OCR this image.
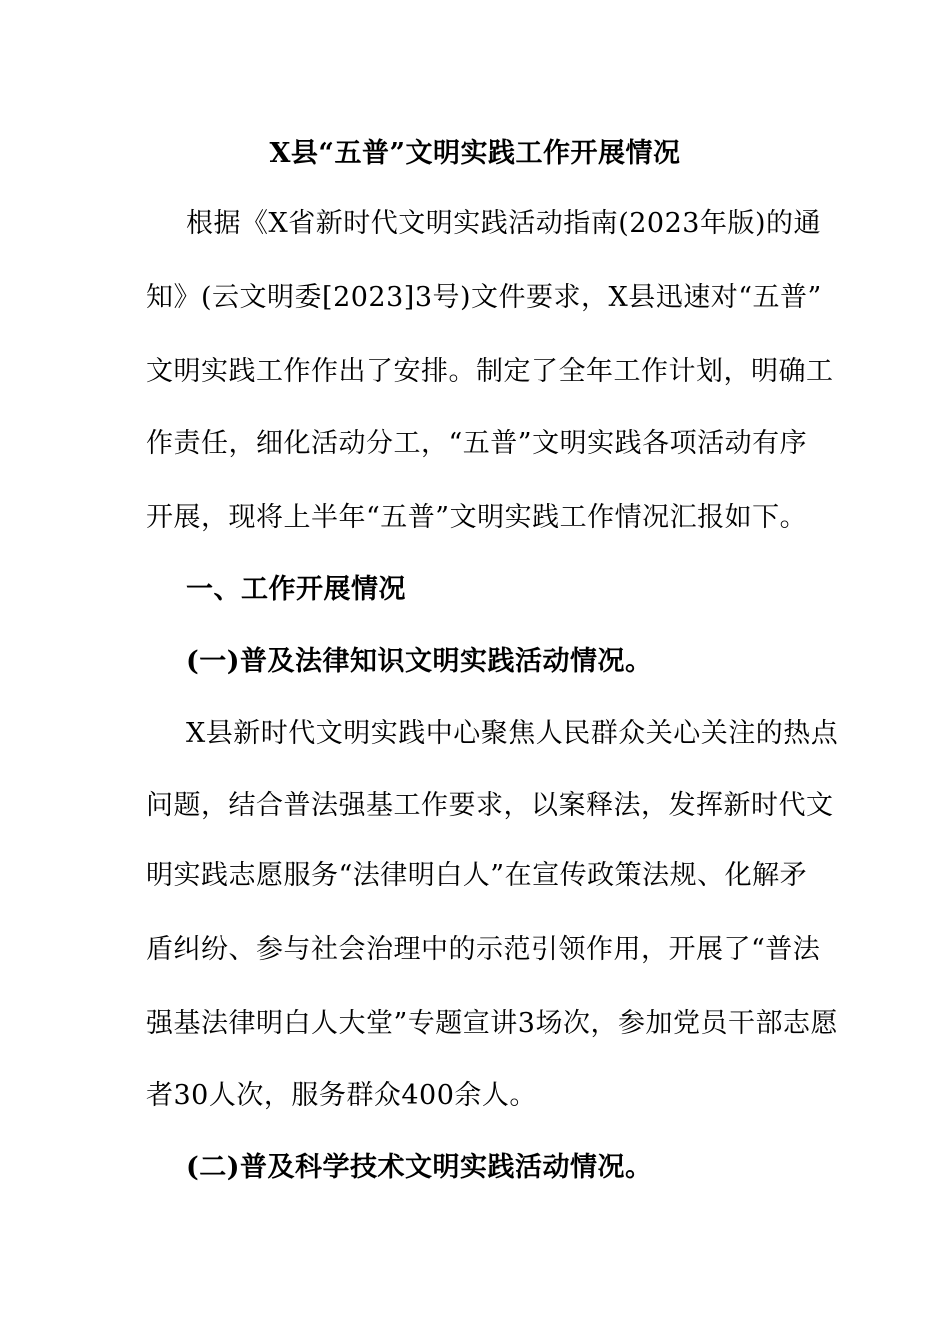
X县“五普”文明实践工作开展情况
根据《X省新时代文明实践活动指南(2023年版)的通
知》(云文明委[2023]3号)文件要求，X县迅速对“五普”
文明实践工作作出了安排。制定了全年工作计划，明确工
作责任，细化活动分工，“五普”文明实践各项活动有序
开展，现将上半年“五普”文明实践工作情况汇报如下。
一、工作开展情况
(一)普及法律知识文明实践活动情况。
X县新时代文明实践中心聚焦人民群众关心关注的热点
问题，结合普法强基工作要求，以案释法，发挥新时代文
明实践志愿服务“法律明白人”在宣传政策法规、化解矛
盾纠纷、参与社会治理中的示范引领作用，开展了“普法
强基法律明白人大堂”专题宣讲3场次，参加党员干部志愿
者30人次，服务群众400余人。
(二)普及科学技术文明实践活动情况。
